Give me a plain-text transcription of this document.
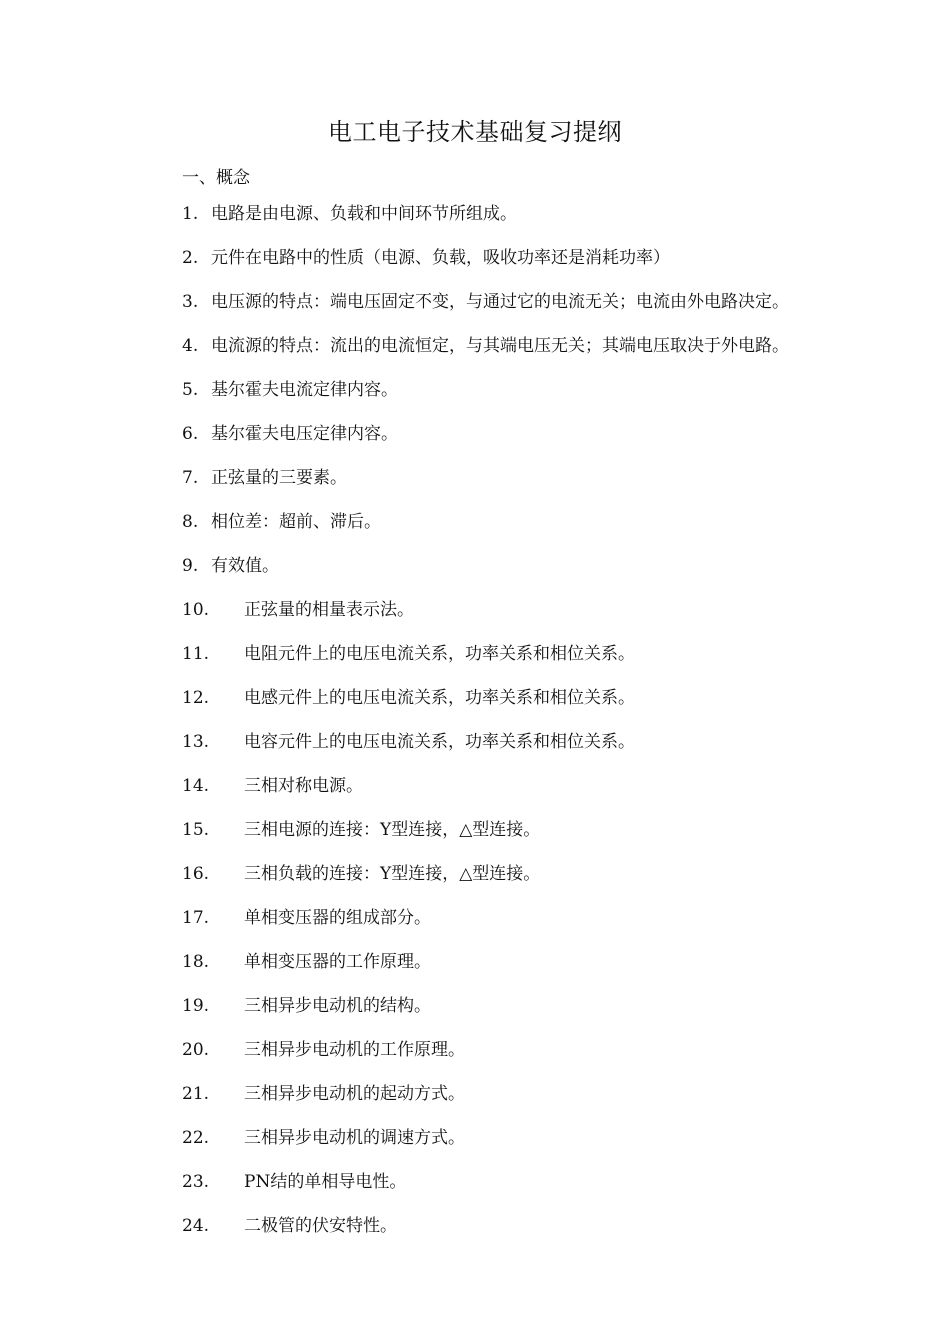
电工电子技术基础复习提纲
一、概念
1. 电路是由电源、负载和中间环节所组成。
2. 元件在电路中的性质（电源、负载，吸收功率还是消耗功率）
3. 电压源的特点：端电压固定不变，与通过它的电流无关；电流由外电路决定。
4. 电流源的特点：流出的电流恒定，与其端电压无关；其端电压取决于外电路。
5. 基尔霍夫电流定律内容。
6. 基尔霍夫电压定律内容。
7. 正弦量的三要素。
8. 相位差：超前、滞后。
9. 有效值。
10.	正弦量的相量表示法。
11.	电阻元件上的电压电流关系，功率关系和相位关系。
12.	电感元件上的电压电流关系，功率关系和相位关系。
13.	电容元件上的电压电流关系，功率关系和相位关系。
14.	三相对称电源。
15.	三相电源的连接：Y型连接，△型连接。
16.	三相负载的连接：Y型连接，△型连接。
17.	单相变压器的组成部分。
18.	单相变压器的工作原理。
19.	三相异步电动机的结构。
20.	三相异步电动机的工作原理。
21.	三相异步电动机的起动方式。
22.	三相异步电动机的调速方式。
23.	PN结的单相导电性。
24.	二极管的伏安特性。
